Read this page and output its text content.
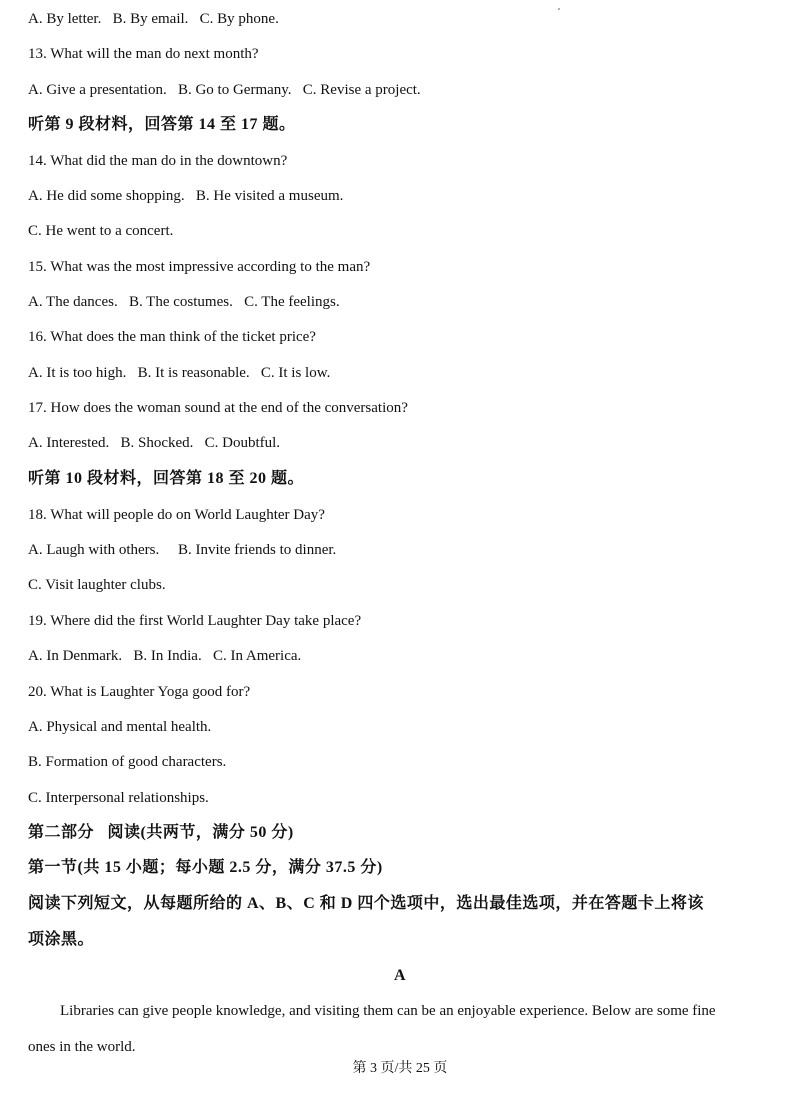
A. By letter.   B. By email.   C. By phone.
13. What will the man do next month?
A. Give a presentation.   B. Go to Germany.   C. Revise a project.
听第 9 段材料，回答第 14 至 17 题。
14. What did the man do in the downtown?
A. He did some shopping.   B. He visited a museum.
C. He went to a concert.
15. What was the most impressive according to the man?
A. The dances.   B. The costumes.   C. The feelings.
16. What does the man think of the ticket price?
A. It is too high.   B. It is reasonable.   C. It is low.
17. How does the woman sound at the end of the conversation?
A. Interested.   B. Shocked.   C. Doubtful.
听第 10 段材料，回答第 18 至 20 题。
18. What will people do on World Laughter Day?
A. Laugh with others.     B. Invite friends to dinner.
C. Visit laughter clubs.
19. Where did the first World Laughter Day take place?
A. In Denmark.   B. In India.   C. In America.
20. What is Laughter Yoga good for?
A. Physical and mental health.
B. Formation of good characters.
C. Interpersonal relationships.
第二部分   阅读(共两节，满分 50 分)
第一节(共 15 小题；每小题 2.5 分，满分 37.5 分)
阅读下列短文，从每题所给的 A、B、C 和 D 四个选项中，选出最佳选项，并在答题卡上将该
项涂黑。
A
Libraries can give people knowledge, and visiting them can be an enjoyable experience. Below are some fine
ones in the world.
第 3 页/共 25 页
